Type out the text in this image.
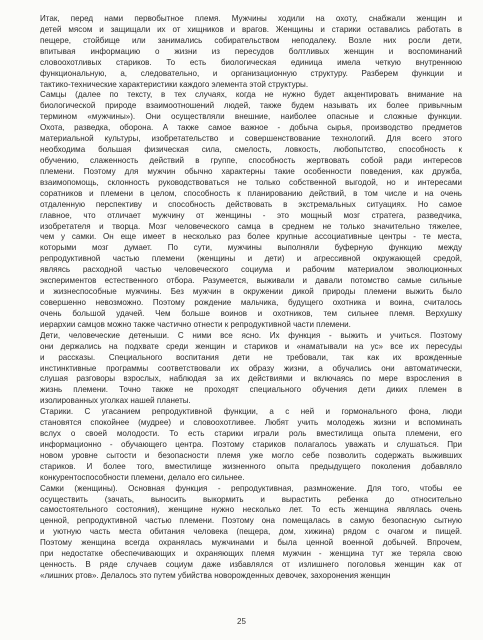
Итак, перед нами первобытное племя. Мужчины ходили на охоту, снабжали женщин и
детей мясом и защищали их от хищников и врагов. Женщины и старики оставались работать в
пещере, стойбище или занимались собирательством неподалеку. Возле них росли дети,
впитывая информацию о жизни из пересудов болтливых женщин и воспоминаний
словоохотливых стариков. То есть биологическая единица имела четкую внутреннюю
функциональную, а, следовательно, и организационную структуру. Разберем функции и
тактико-технические характеристики каждого элемента этой структуры.
Самцы (далее по тексту, в тех случаях, когда не нужно будет акцентировать внимание на
биологической природе взаимоотношений людей, также будем называть их более привычным
термином «мужчины»). Они осуществляли внешние, наиболее опасные и сложные функции.
Охота, разведка, оборона. А также самое важное - добыча сырья, производство предметов
материальной культуры, изобретательство и совершенствование технологий. Для всего этого
необходима большая физическая сила, смелость, ловкость, любопытство, способность к
обучению, слаженность действий в группе, способность жертвовать собой ради интересов
племени. Поэтому для мужчин обычно характерны такие особенности поведения, как дружба,
взаимопомощь, склонность руководствоваться не только собственной выгодой, но и интересами
соратников и племени в целом, способность к планированию действий, в том числе и на очень
отдаленную перспективу и способность действовать в экстремальных ситуациях. Но самое
главное, что отличает мужчину от женщины - это мощный мозг стратега, разведчика,
изобретателя и творца. Мозг человеческого самца в среднем не только значительно тяжелее,
чем у самки. Он еще имеет в несколько раз более крупные ассоциативные центры - те места,
которыми мозг думает. По сути, мужчины выполняли буферную функцию между
репродуктивной частью племени (женщины и дети) и агрессивной окружающей средой,
являясь расходной частью человеческого социума и рабочим материалом эволюционных
экспериментов естественного отбора. Разумеется, выживали и давали потомство самые сильные
и жизнеспособные мужчины. Без мужчин в окружении дикой природы племени выжить было
совершенно невозможно. Поэтому рождение мальчика, будущего охотника и воина, считалось
очень большой удачей. Чем больше воинов и охотников, тем сильнее племя. Верхушку
иерархии самцов можно также частично отнести к репродуктивной части племени.
Дети, человеческие детеныши. С ними все ясно. Их функция - выжить и учиться. Поэтому
они держались на подхвате среди женщин и стариков и «наматывали на ус» все их пересуды
и рассказы. Специального воспитания дети не требовали, так как их врожденные
инстинктивные программы соответствовали их образу жизни, а обучались они автоматически,
слушая разговоры взрослых, наблюдая за их действиями и включаясь по мере взросления в
жизнь племени. Точно также не проходят специального обучения дети диких племен в
изолированных уголках нашей планеты.
Старики. С угасанием репродуктивной функции, а с ней и гормонального фона, люди
становятся спокойнее (мудрее) и словоохотливее. Любят учить молодежь жизни и вспоминать
вслух о своей молодости. То есть старики играли роль вместилища опыта племени, его
информационно - обучающего центра. Поэтому стариков полагалось уважать и слушаться. При
новом уровне сытости и безопасности племя уже могло себе позволить содержать выживших
стариков. И более того, вместилище жизненного опыта предыдущего поколения добавляло
конкурентоспособности племени, делало его сильнее.
Самки (женщины). Основная функция - репродуктивная, размножение. Для того, чтобы ее
осуществить (зачать, выносить выкормить и вырастить ребенка до относительно
самостоятельного состояния), женщине нужно несколько лет. То есть женщина являлась очень
ценной, репродуктивной частью племени. Поэтому она помещалась в самую безопасную сытную
и уютную часть места обитания человека (пещера, дом, хижина) рядом с очагом и пищей.
Поэтому женщина всегда охранялась мужчинами и была ценной военной добычей. Впрочем,
при недостатке обеспечивающих и охраняющих племя мужчин - женщина тут же теряла свою
ценность. В ряде случаев социум даже избавлялся от излишнего поголовья женщин как от
«лишних ртов». Делалось это путем убийства новорожденных девочек, захоронения женщин
25
